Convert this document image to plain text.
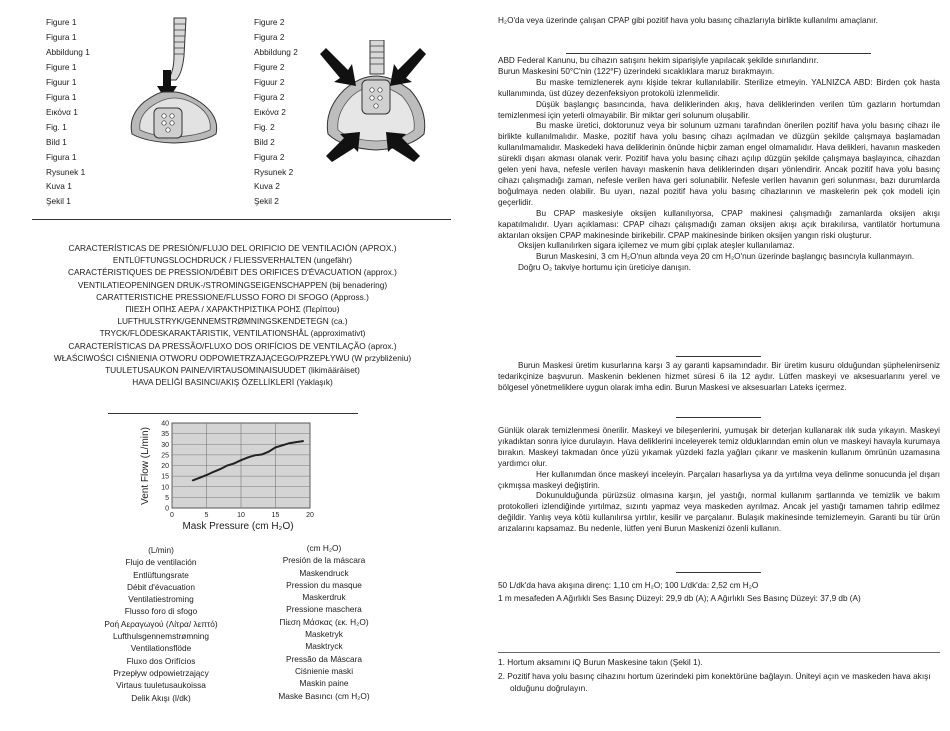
Figure 1
Figura 1
Abbildung 1
Figure 1
Figuur 1
Figura 1
Εικόνα 1
Fig. 1
Bild 1
Figura 1
Rysunek 1
Kuva 1
Şekil 1
Figure 2
Figura 2
Abbildung 2
Figure 2
Figuur 2
Figura 2
Εικόνα 2
Fig. 2
Bild 2
Figura 2
Rysunek 2
Kuva 2
Şekil 2
CARACTERÍSTICAS DE PRESIÓN/FLUJO DEL ORIFICIO DE VENTILACIÓN (APROX.)
ENTLÜFTUNGSLOCHDRUCK / FLIESSVERHALTEN (ungefähr)
CARACTÉRISTIQUES DE PRESSION/DÉBIT DES ORIFICES D'ÉVACUATION (approx.)
VENTILATIEOPENINGEN DRUK-/STROMINGSEIGENSCHAPPEN (bij benadering)
CARATTERISTICHE PRESSIONE/FLUSSO FORO DI SFOGO (Appross.)
ΠΙΕΣΗ ΟΠΗΣ ΑΕΡΑ / ΧΑΡΑΚΤΗΡΙΣΤΙΚΑ ΡΟΗΣ (Περίπου)
LUFTHULSTRYK/GENNEMSTRØMNINGSKENDETEGN (ca.)
TRYCK/FLÖDESKARAKTÄRISTIK, VENTILATIONSHÅL (approximativt)
CARACTERÍSTICAS DA PRESSÃO/FLUXO DOS ORIFÍCIOS DE VENTILAÇÃO (aprox.)
WŁAŚCIWOŚCI CIŚNIENIA OTWORU ODPOWIETRZAJĄCEGO/PRZEPŁYWU (W przybliżeniu)
TUULETUSAUKON PAINE/VIRTAUSOMINAISUUDET (likimääräiset)
HAVA DELİĞİ BASINCI/AKIŞ ÖZELLİKLERİ (Yaklaşık)
0
5
10
15
20
25
30
35
40
0	5	10	15	20
Mask Pressure (cm H₂O)
Vent Flow (L/min)
(L/min)
Flujo de ventilación
Entlüftungsrate
Débit d'évacuation
Ventilatiestroming
Flusso foro di sfogo
Ροή Αεραγωγού (Λίτρα/ λεπτό)
Lufthulsgennemstrømning
Ventilationsflöde
Fluxo dos Orifícios
Przepływ odpowietrzający
Virtaus tuuletusaukoissa
Delik Akışı (l/dk)
(cm H₂O)
Presión de la máscara
Maskendruck
Pression du masque
Maskerdruk
Pressione maschera
Πίεση Μάσκας (εκ. H₂O)
Masketryk
Masktryck
Pressão da Máscara
Ciśnienie maski
Maskin paine
Maske Basıncı (cm H₂O)

H₂O'da veya üzerinde çalışan CPAP gibi pozitif hava yolu basınç cihazlarıyla birlikte kullanılmı amaçlanır.

ABD Federal Kanunu, bu cihazın satışını hekim siparişiyle yapılacak şekilde sınırlandırır.

Burun Maskesini 50°C'nin (122°F) üzerindeki sıcaklıklara maruz bırakmayın.

Bu maske temizlenerek aynı kişide tekrar kullanılabilir. Sterilize etmeyin. YALNIZCA ABD: Birden çok hasta kullanımında, üst düzey dezenfeksiyon protokolü izlenmelidir.

Düşük başlangıç basıncında, hava deliklerinden akış, hava deliklerinden verilen tüm gazların hortumdan temizlenmesi için yeterli olmayabilir. Bir miktar geri solunum oluşabilir.

Bu maske üretici, doktorunuz veya bir solunum uzmanı tarafından önerilen pozitif hava yolu basınç cihazı ile birlikte kullanılmalıdır. Maske, pozitif hava yolu basınç cihazı açılmadan ve düzgün şekilde çalışmaya başlamadan kullanılmamalıdır. Maskedeki hava deliklerinin önünde hiçbir zaman engel olmamalıdır. Hava delikleri, havanın maskeden sürekli dışarı akması olanak verir. Pozitif hava yolu basınç cihazı açılıp düzgün şekilde çalışmaya başlayınca, cihazdan gelen yeni hava, nefesle verilen havayı maskenin hava deliklerinden dışarı yönlendirir. Ancak pozitif hava yolu basınç cihazı çalışmadığı zaman, nefesle verilen hava geri solunabilir. Nefesle verilen havanın geri solunması, bazı durumlarda boğulmaya neden olabilir. Bu uyarı, nazal pozitif hava yolu basınç cihazlarının ve maskelerin pek çok modeli için geçerlidir.

Bu CPAP maskesiyle oksijen kullanılıyorsa, CPAP makinesi çalışmadığı zamanlarda oksijen akışı kapatılmalıdır. Uyarı açıklaması: CPAP cihazı çalışmadığı zaman oksijen akışı açık bırakılırsa, vantilatör hortumuna aktarılan oksijen CPAP makinesinde birikebilir. CPAP makinesinde biriken oksijen yangın riski oluşturur.

Oksijen kullanılırken sigara içilemez ve mum gibi çıplak ateşler kullanılamaz.

Burun Maskesini, 3 cm H₂O'nun altında veya 20 cm H₂O'nun üzerinde başlangıç basıncıyla kullanmayın.

Doğru O₂ takviye hortumu için üreticiye danışın.

Burun Maskesi üretim kusurlarına karşı 3 ay garanti kapsamındadır. Bir üretim kusuru olduğundan şüphelenirseniz tedarikçinize başvurun. Maskenin beklenen hizmet süresi 6 ila 12 aydır. Lütfen maskeyi ve aksesuarlarını yerel ve bölgesel yönetmeliklere uygun olarak imha edin. Burun Maskesi ve aksesuarları Lateks içermez.

Günlük olarak temizlenmesi önerilir. Maskeyi ve bileşenlerini, yumuşak bir deterjan kullanarak ılık suda yıkayın. Maskeyi yıkadıktan sonra iyice durulayın. Hava deliklerini inceleyerek temiz olduklarından emin olun ve maskeyi havayla kurumaya bırakın. Maskeyi takmadan önce yüzü yıkamak yüzdeki fazla yağları çıkarır ve maskenin kullanım ömrünün uzamasına yardımcı olur.

Her kullanımdan önce maskeyi inceleyin. Parçaları hasarlıysa ya da yırtılma veya delinme sonucunda jel dışarı çıkmışsa maskeyi değiştirin.

Dokunulduğunda pürüzsüz olmasına karşın, jel yastığı, normal kullanım şartlarında ve temizlik ve bakım protokolleri izlendiğinde yırtılmaz, sızıntı yapmaz veya maskeden ayrılmaz. Ancak jel yastığı tamamen tahrip edilmez değildir. Yanlış veya kötü kullanılırsa yırtılır, kesilir ve parçalanır. Bulaşık makinesinde temizlemeyin. Garanti bu tür ürün arızalarını kapsamaz. Bu nedenle, lütfen yeni Burun Maskenizi özenli kullanın.

50 L/dk'da hava akışına direnç: 1,10 cm H₂O; 100 L/dk'da: 2,52 cm H₂O

1 m mesafeden A Ağırlıklı Ses Basınç Düzeyi: 29,9 db (A); A Ağırlıklı Ses Basınç Düzeyi: 37,9 db (A)

1. Hortum aksamını iQ Burun Maskesine takın (Şekil 1).
2. Pozitif hava yolu basınç cihazını hortum üzerindeki pim konektörüne bağlayın. Üniteyi açın ve maskeden hava akışı olduğunu doğrulayın.
